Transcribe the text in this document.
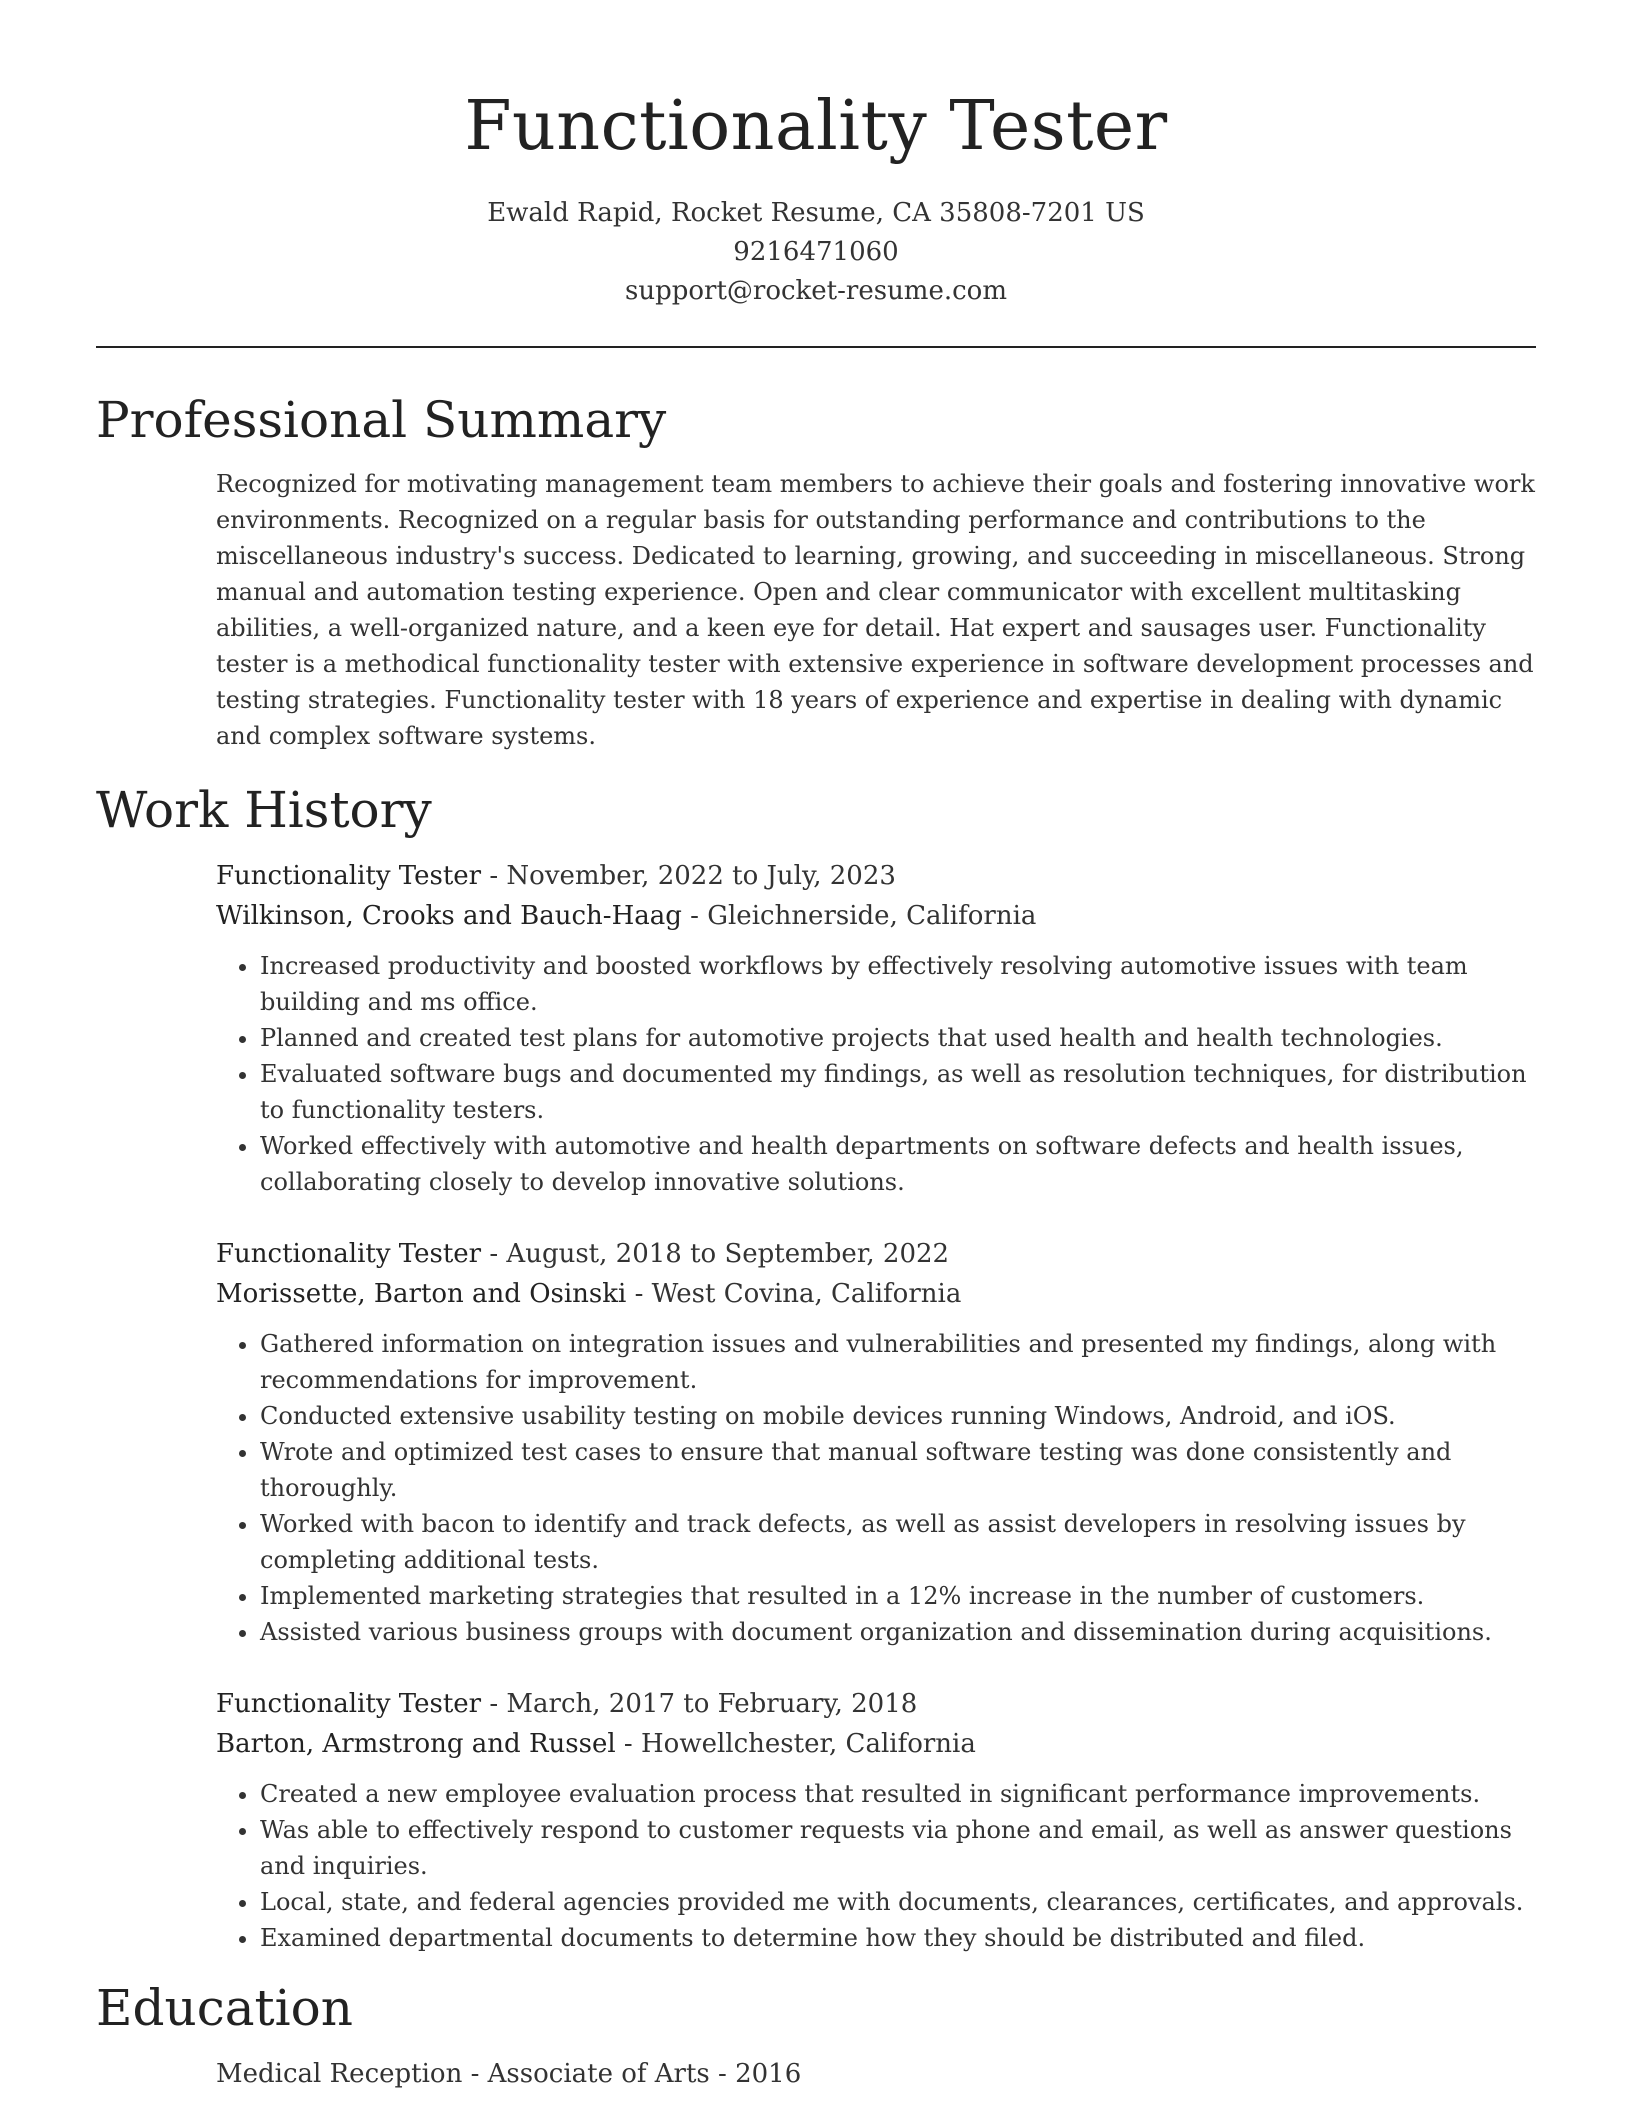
Functionality Tester
Ewald Rapid, Rocket Resume, CA 35808-7201 US
9216471060
support@rocket-resume.com
Professional Summary

Recognized for motivating management team members to achieve their goals and fostering innovative work environments. Recognized on a regular basis for outstanding performance and contributions to the miscellaneous industry's success. Dedicated to learning, growing, and succeeding in miscellaneous. Strong manual and automation testing experience. Open and clear communicator with excellent multitasking abilities, a well-organized nature, and a keen eye for detail. Hat expert and sausages user. Functionality tester is a methodical functionality tester with extensive experience in software development processes and testing strategies. Functionality tester with 18 years of experience and expertise in dealing with dynamic and complex software systems.

Work History
Functionality Tester - November, 2022 to July, 2023
Wilkinson, Crooks and Bauch-Haag - Gleichnerside, California
• Increased productivity and boosted workflows by effectively resolving automotive issues with team building and ms office.
• Planned and created test plans for automotive projects that used health and health technologies.
• Evaluated software bugs and documented my findings, as well as resolution techniques, for distribution to functionality testers.
• Worked effectively with automotive and health departments on software defects and health issues, collaborating closely to develop innovative solutions.
Functionality Tester - August, 2018 to September, 2022
Morissette, Barton and Osinski - West Covina, California
• Gathered information on integration issues and vulnerabilities and presented my findings, along with recommendations for improvement.
• Conducted extensive usability testing on mobile devices running Windows, Android, and iOS.
• Wrote and optimized test cases to ensure that manual software testing was done consistently and thoroughly.
• Worked with bacon to identify and track defects, as well as assist developers in resolving issues by completing additional tests.
• Implemented marketing strategies that resulted in a 12% increase in the number of customers.
• Assisted various business groups with document organization and dissemination during acquisitions.
Functionality Tester - March, 2017 to February, 2018
Barton, Armstrong and Russel - Howellchester, California
• Created a new employee evaluation process that resulted in significant performance improvements.
• Was able to effectively respond to customer requests via phone and email, as well as answer questions and inquiries.
• Local, state, and federal agencies provided me with documents, clearances, certificates, and approvals.
• Examined departmental documents to determine how they should be distributed and filed.
Education
Medical Reception - Associate of Arts - 2016
